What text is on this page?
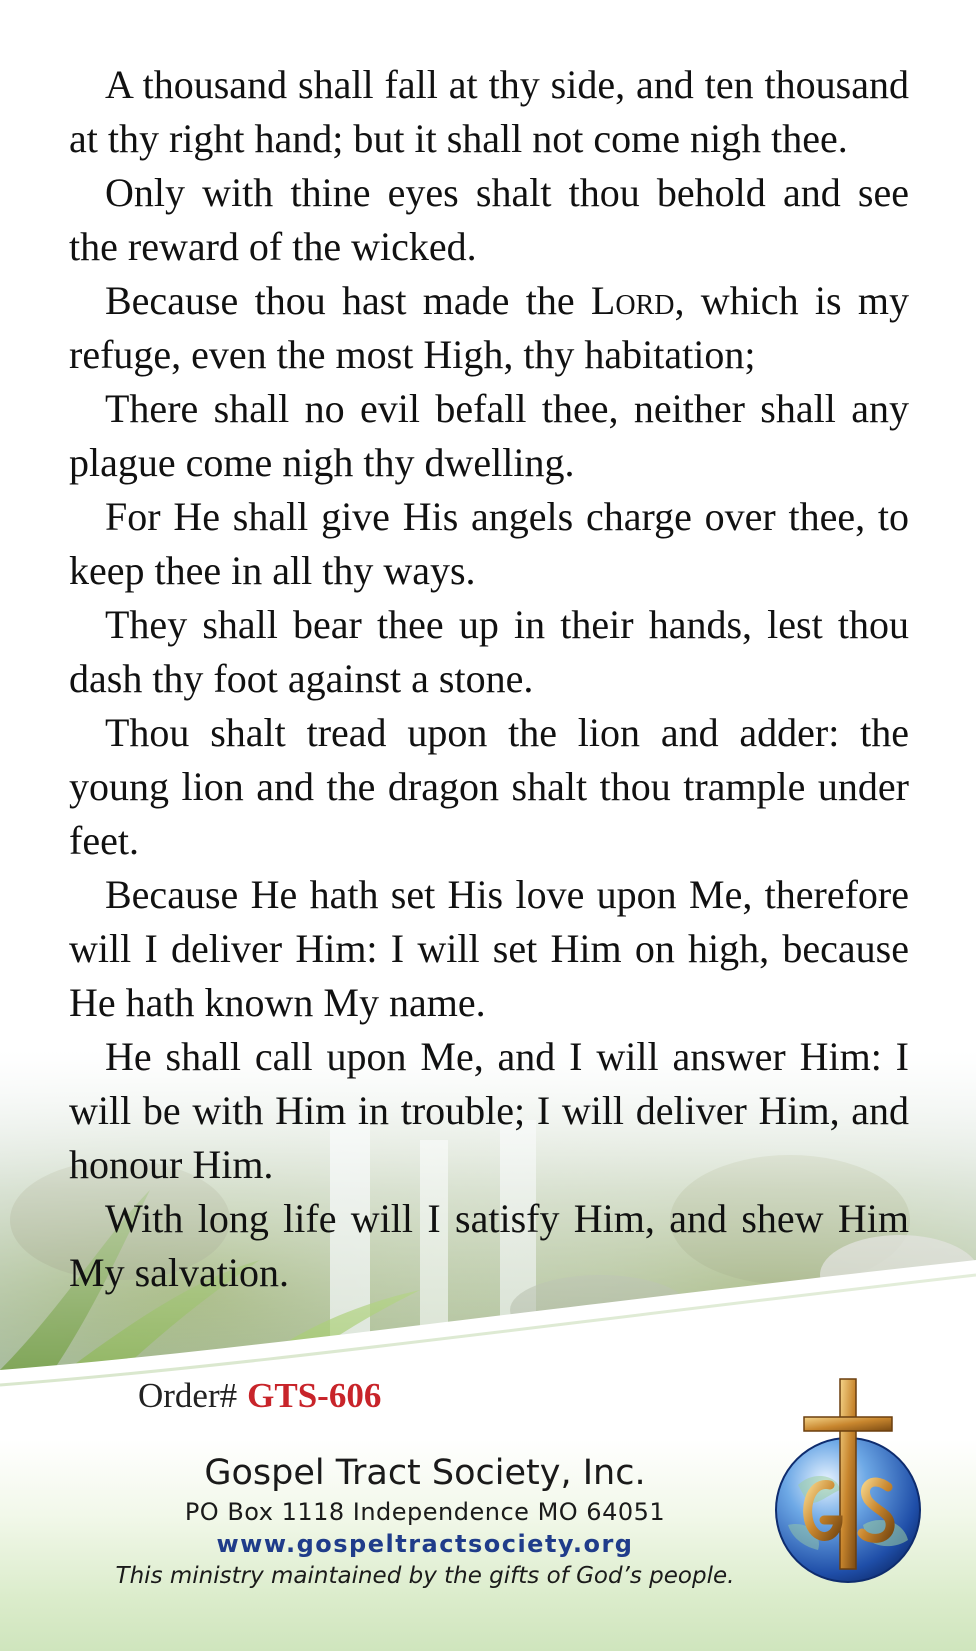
A thousand shall fall at thy side, and ten thousand at thy right hand; but it shall not come nigh thee.

Only with thine eyes shalt thou behold and see the reward of the wicked.

Because thou hast made the Lord, which is my refuge, even the most High, thy habitation;

There shall no evil befall thee, neither shall any plague come nigh thy dwelling.

For He shall give His angels charge over thee, to keep thee in all thy ways.

They shall bear thee up in their hands, lest thou dash thy foot against a stone.

Thou shalt tread upon the lion and adder: the young lion and the dragon shalt thou trample under feet.

Because He hath set His love upon Me, therefore will I deliver Him: I will set Him on high, because He hath known My name.

He shall call upon Me, and I will answer Him: I will be with Him in trouble; I will deliver Him, and honour Him.

With long life will I satisfy Him, and shew Him My salvation.

Order# GTS-606
Gospel Tract Society, Inc.
PO Box 1118 Independence MO 64051
www.gospeltractsociety.org
This ministry maintained by the gifts of God’s people.
